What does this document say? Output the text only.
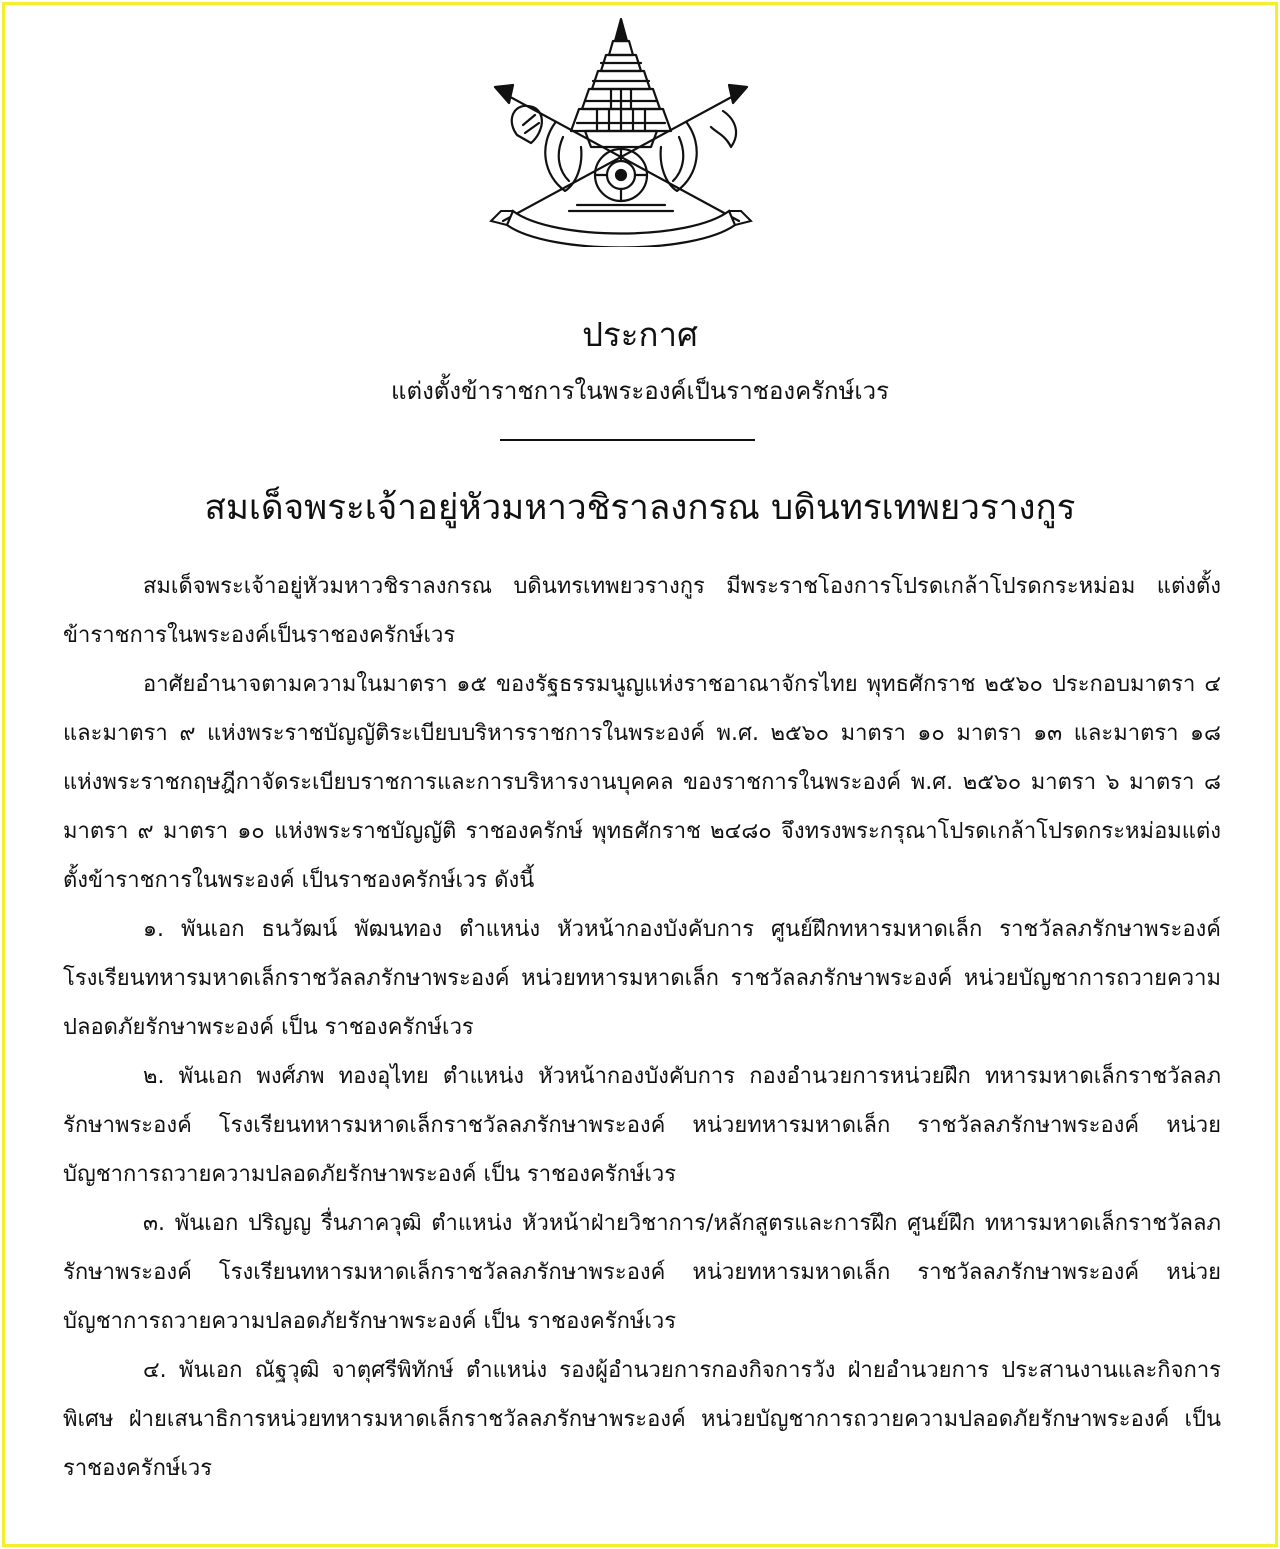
ประกาศ
แต่งตั้งข้าราชการในพระองค์เป็นราชองครักษ์เวร
สมเด็จพระเจ้าอยู่หัวมหาวชิราลงกรณ บดินทรเทพยวรางกูร

สมเด็จพระเจ้าอยู่หัวมหาวชิราลงกรณ บดินทรเทพยวรางกูร มีพระราชโองการโปรดเกล้าโปรดกระหม่อม แต่งตั้งข้าราชการในพระองค์เป็นราชองครักษ์เวร

อาศัยอำนาจตามความในมาตรา ๑๕ ของรัฐธรรมนูญแห่งราชอาณาจักรไทย พุทธศักราช ๒๕๖๐ ประกอบมาตรา ๔ และมาตรา ๙ แห่งพระราชบัญญัติระเบียบบริหารราชการในพระองค์ พ.ศ. ๒๕๖๐ มาตรา ๑๐ มาตรา ๑๓ และมาตรา ๑๘ แห่งพระราชกฤษฎีกาจัดระเบียบราชการและการบริหารงานบุคคล ของราชการในพระองค์ พ.ศ. ๒๕๖๐ มาตรา ๖ มาตรา ๘ มาตรา ๙ มาตรา ๑๐ แห่งพระราชบัญญัติ ราชองครักษ์ พุทธศักราช ๒๔๘๐ จึงทรงพระกรุณาโปรดเกล้าโปรดกระหม่อมแต่งตั้งข้าราชการในพระองค์ เป็นราชองครักษ์เวร ดังนี้

๑. พันเอก ธนวัฒน์ พัฒนทอง ตำแหน่ง หัวหน้ากองบังคับการ ศูนย์ฝึกทหารมหาดเล็ก ราชวัลลภรักษาพระองค์ โรงเรียนทหารมหาดเล็กราชวัลลภรักษาพระองค์ หน่วยทหารมหาดเล็ก ราชวัลลภรักษาพระองค์ หน่วยบัญชาการถวายความปลอดภัยรักษาพระองค์ เป็น ราชองครักษ์เวร

๒. พันเอก พงศ์ภพ ทองอุไทย ตำแหน่ง หัวหน้ากองบังคับการ กองอำนวยการหน่วยฝึก ทหารมหาดเล็กราชวัลลภรักษาพระองค์ โรงเรียนทหารมหาดเล็กราชวัลลภรักษาพระองค์ หน่วยทหารมหาดเล็ก ราชวัลลภรักษาพระองค์ หน่วยบัญชาการถวายความปลอดภัยรักษาพระองค์ เป็น ราชองครักษ์เวร

๓. พันเอก ปริญญ รื่นภาควุฒิ ตำแหน่ง หัวหน้าฝ่ายวิชาการ/หลักสูตรและการฝึก ศูนย์ฝึก ทหารมหาดเล็กราชวัลลภรักษาพระองค์ โรงเรียนทหารมหาดเล็กราชวัลลภรักษาพระองค์ หน่วยทหารมหาดเล็ก ราชวัลลภรักษาพระองค์ หน่วยบัญชาการถวายความปลอดภัยรักษาพระองค์ เป็น ราชองครักษ์เวร

๔. พันเอก ณัฐวุฒิ จาตุศรีพิทักษ์ ตำแหน่ง รองผู้อำนวยการกองกิจการวัง ฝ่ายอำนวยการ ประสานงานและกิจการพิเศษ ฝ่ายเสนาธิการหน่วยทหารมหาดเล็กราชวัลลภรักษาพระองค์ หน่วยบัญชาการถวายความปลอดภัยรักษาพระองค์ เป็น ราชองครักษ์เวร
